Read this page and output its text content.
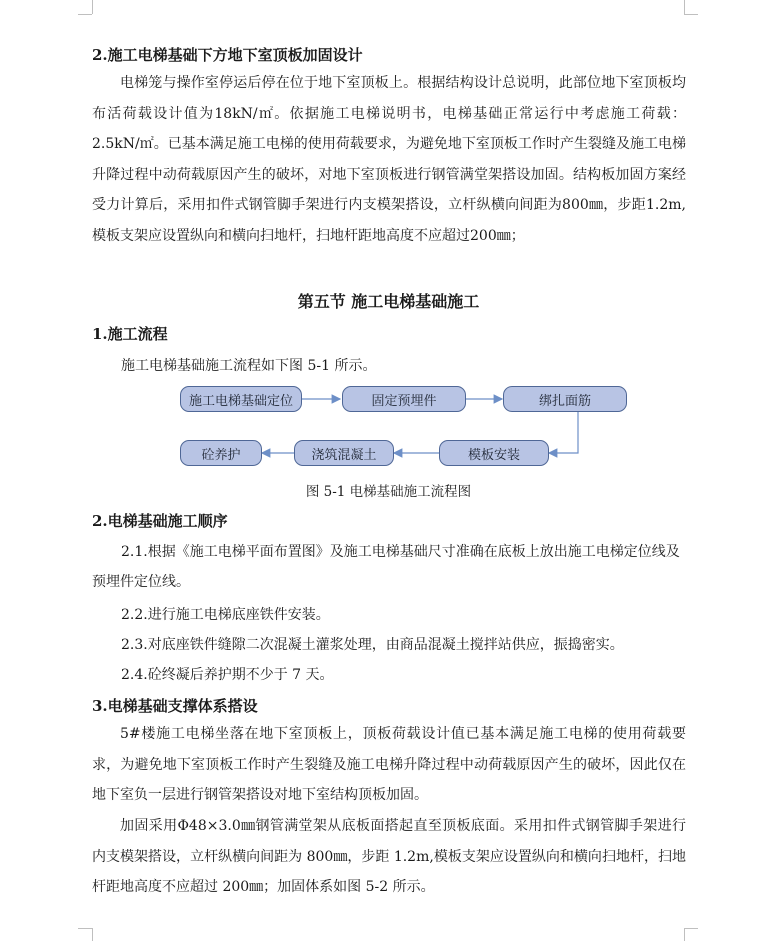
2.施工电梯基础下方地下室顶板加固设计
电梯笼与操作室停运后停在位于地下室顶板上。根据结构设计总说明，此部位地下室顶板均布活荷载设计值为18kN/㎡。依据施工电梯说明书，电梯基础正常运行中考虑施工荷载：2.5kN/㎡。已基本满足施工电梯的使用荷载要求，为避免地下室顶板工作时产生裂缝及施工电梯升降过程中动荷载原因产生的破坏，对地下室顶板进行钢管满堂架搭设加固。结构板加固方案经受力计算后，采用扣件式钢管脚手架进行内支模架搭设，立杆纵横向间距为800㎜，步距1.2m,模板支架应设置纵向和横向扫地杆，扫地杆距地高度不应超过200㎜；
第五节 施工电梯基础施工
1.施工流程
施工电梯基础施工流程如下图 5-1 所示。
施工电梯基础定位	固定预埋件	绑扎面筋
模板安装
浇筑混凝土
砼养护
图 5-1 电梯基础施工流程图
2.电梯基础施工顺序
2.1.根据《施工电梯平面布置图》及施工电梯基础尺寸准确在底板上放出施工电梯定位线及预埋件定位线。
2.2.进行施工电梯底座铁件安装。
2.3.对底座铁件缝隙二次混凝土灌浆处理，由商品混凝土搅拌站供应，振捣密实。
2.4.砼终凝后养护期不少于 7 天。
3.电梯基础支撑体系搭设
5#楼施工电梯坐落在地下室顶板上，顶板荷载设计值已基本满足施工电梯的使用荷载要求，为避免地下室顶板工作时产生裂缝及施工电梯升降过程中动荷载原因产生的破坏，因此仅在地下室负一层进行钢管架搭设对地下室结构顶板加固。
加固采用Φ48×3.0㎜钢管满堂架从底板面搭起直至顶板底面。采用扣件式钢管脚手架进行内支模架搭设，立杆纵横向间距为 800㎜，步距 1.2m,模板支架应设置纵向和横向扫地杆，扫地杆距地高度不应超过 200㎜；加固体系如图 5-2 所示。
